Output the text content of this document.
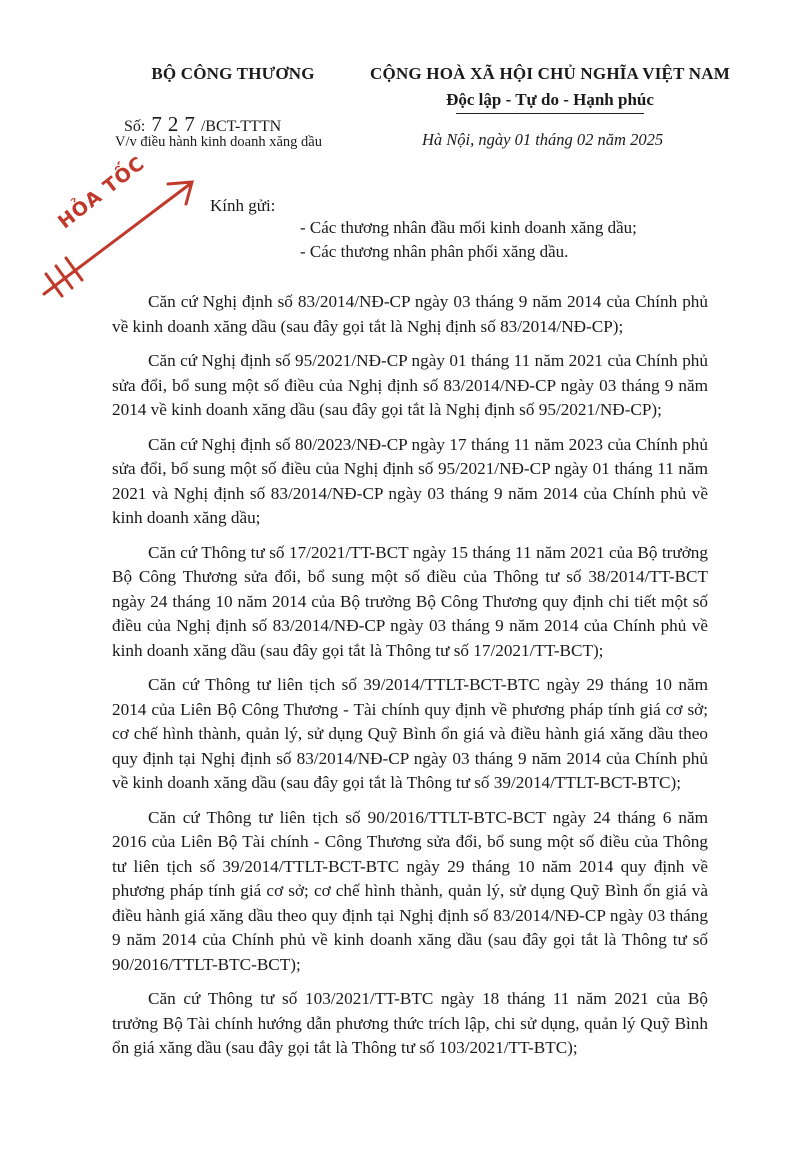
BỘ CÔNG THƯƠNG	CỘNG HOÀ XÃ HỘI CHỦ NGHĨA VIỆT NAM
Độc lập - Tự do - Hạnh phúc
Số: 727/BCT-TTTN
V/v điều hành kinh doanh xăng dầu	Hà Nội, ngày 01 tháng 02 năm 2025
HỎA TỐC	Kính gửi:
- Các thương nhân đầu mối kinh doanh xăng dầu;
- Các thương nhân phân phối xăng dầu.

Căn cứ Nghị định số 83/2014/NĐ-CP ngày 03 tháng 9 năm 2014 của Chính phủ về kinh doanh xăng dầu (sau đây gọi tắt là Nghị định số 83/2014/NĐ-CP);

Căn cứ Nghị định số 95/2021/NĐ-CP ngày 01 tháng 11 năm 2021 của Chính phủ sửa đổi, bổ sung một số điều của Nghị định số 83/2014/NĐ-CP ngày 03 tháng 9 năm 2014 về kinh doanh xăng dầu (sau đây gọi tắt là Nghị định số 95/2021/NĐ-CP);

Căn cứ Nghị định số 80/2023/NĐ-CP ngày 17 tháng 11 năm 2023 của Chính phủ sửa đổi, bổ sung một số điều của Nghị định số 95/2021/NĐ-CP ngày 01 tháng 11 năm 2021 và Nghị định số 83/2014/NĐ-CP ngày 03 tháng 9 năm 2014 của Chính phủ về kinh doanh xăng dầu;

Căn cứ Thông tư số 17/2021/TT-BCT ngày 15 tháng 11 năm 2021 của Bộ trưởng Bộ Công Thương sửa đổi, bổ sung một số điều của Thông tư số 38/2014/TT-BCT ngày 24 tháng 10 năm 2014 của Bộ trưởng Bộ Công Thương quy định chi tiết một số điều của Nghị định số 83/2014/NĐ-CP ngày 03 tháng 9 năm 2014 của Chính phủ về kinh doanh xăng dầu (sau đây gọi tắt là Thông tư số 17/2021/TT-BCT);

Căn cứ Thông tư liên tịch số 39/2014/TTLT-BCT-BTC ngày 29 tháng 10 năm 2014 của Liên Bộ Công Thương - Tài chính quy định về phương pháp tính giá cơ sở; cơ chế hình thành, quản lý, sử dụng Quỹ Bình ổn giá và điều hành giá xăng dầu theo quy định tại Nghị định số 83/2014/NĐ-CP ngày 03 tháng 9 năm 2014 của Chính phủ về kinh doanh xăng dầu (sau đây gọi tắt là Thông tư số 39/2014/TTLT-BCT-BTC);

Căn cứ Thông tư liên tịch số 90/2016/TTLT-BTC-BCT ngày 24 tháng 6 năm 2016 của Liên Bộ Tài chính - Công Thương sửa đổi, bổ sung một số điều của Thông tư liên tịch số 39/2014/TTLT-BCT-BTC ngày 29 tháng 10 năm 2014 quy định về phương pháp tính giá cơ sở; cơ chế hình thành, quản lý, sử dụng Quỹ Bình ổn giá và điều hành giá xăng dầu theo quy định tại Nghị định số 83/2014/NĐ-CP ngày 03 tháng 9 năm 2014 của Chính phủ về kinh doanh xăng dầu (sau đây gọi tắt là Thông tư số 90/2016/TTLT-BTC-BCT);

Căn cứ Thông tư số 103/2021/TT-BTC ngày 18 tháng 11 năm 2021 của Bộ trưởng Bộ Tài chính hướng dẫn phương thức trích lập, chi sử dụng, quản lý Quỹ Bình ổn giá xăng dầu (sau đây gọi tắt là Thông tư số 103/2021/TT-BTC);
